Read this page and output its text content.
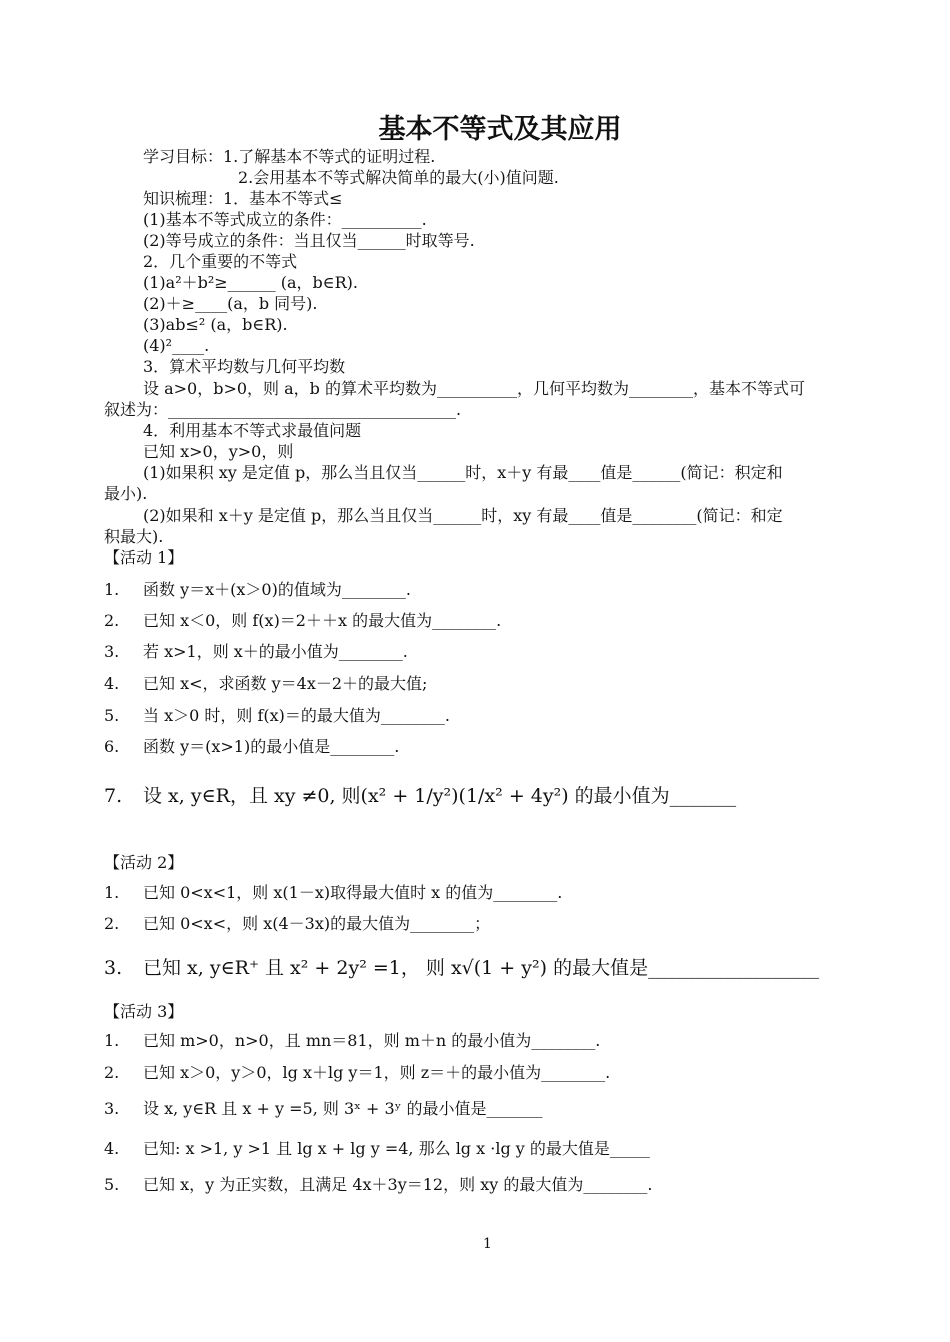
基本不等式及其应用
学习目标：1.了解基本不等式的证明过程.
2.会用基本不等式解决简单的最大(小)值问题.
知识梳理：1．基本不等式≤
(1)基本不等式成立的条件：__________.
(2)等号成立的条件：当且仅当______时取等号.
2．几个重要的不等式
(1)a²＋b²≥______ (a，b∈R).
(2)＋≥____(a，b 同号).
(3)ab≤² (a，b∈R).
(4)²____.
3．算术平均数与几何平均数
设 a>0，b>0，则 a，b 的算术平均数为__________，几何平均数为________，基本不等式可
叙述为：____________________________________.
4．利用基本不等式求最值问题
已知 x>0，y>0，则
(1)如果积 xy 是定值 p，那么当且仅当______时，x＋y 有最____值是______(简记：积定和
最小).
(2)如果和 x＋y 是定值 p，那么当且仅当______时，xy 有最____值是________(简记：和定
积最大).
【活动 1】
1. 函数 y＝x＋(x＞0)的值域为________.
2. 已知 x＜0，则 f(x)＝2＋＋x 的最大值为________.
3. 若 x>1，则 x＋的最小值为________.
4. 已知 x<，求函数 y＝4x－2＋的最大值;
5. 当 x＞0 时，则 f(x)＝的最大值为________.
6. 函数 y＝(x>1)的最小值是________.
7. 设 x, y∈R，且 xy ≠0, 则(x² + 1/y²)(1/x² + 4y²) 的最小值为_______
【活动 2】
1. 已知 0<x<1，则 x(1－x)取得最大值时 x 的值为________.
2. 已知 0<x<，则 x(4－3x)的最大值为________；
3. 已知 x, y∈R⁺ 且 x² + 2y² =1， 则 x√(1 + y²) 的最大值是__________________
【活动 3】
1. 已知 m>0，n>0，且 mn＝81，则 m＋n 的最小值为________.
2. 已知 x＞0，y＞0，lg x＋lg y＝1，则 z＝＋的最小值为________.
3. 设 x, y∈R 且 x + y =5, 则 3ˣ + 3ʸ 的最小值是_______
4. 已知: x >1, y >1 且 lg x + lg y =4, 那么 lg x ·lg y 的最大值是_____
5. 已知 x，y 为正实数，且满足 4x＋3y＝12，则 xy 的最大值为________.
1
